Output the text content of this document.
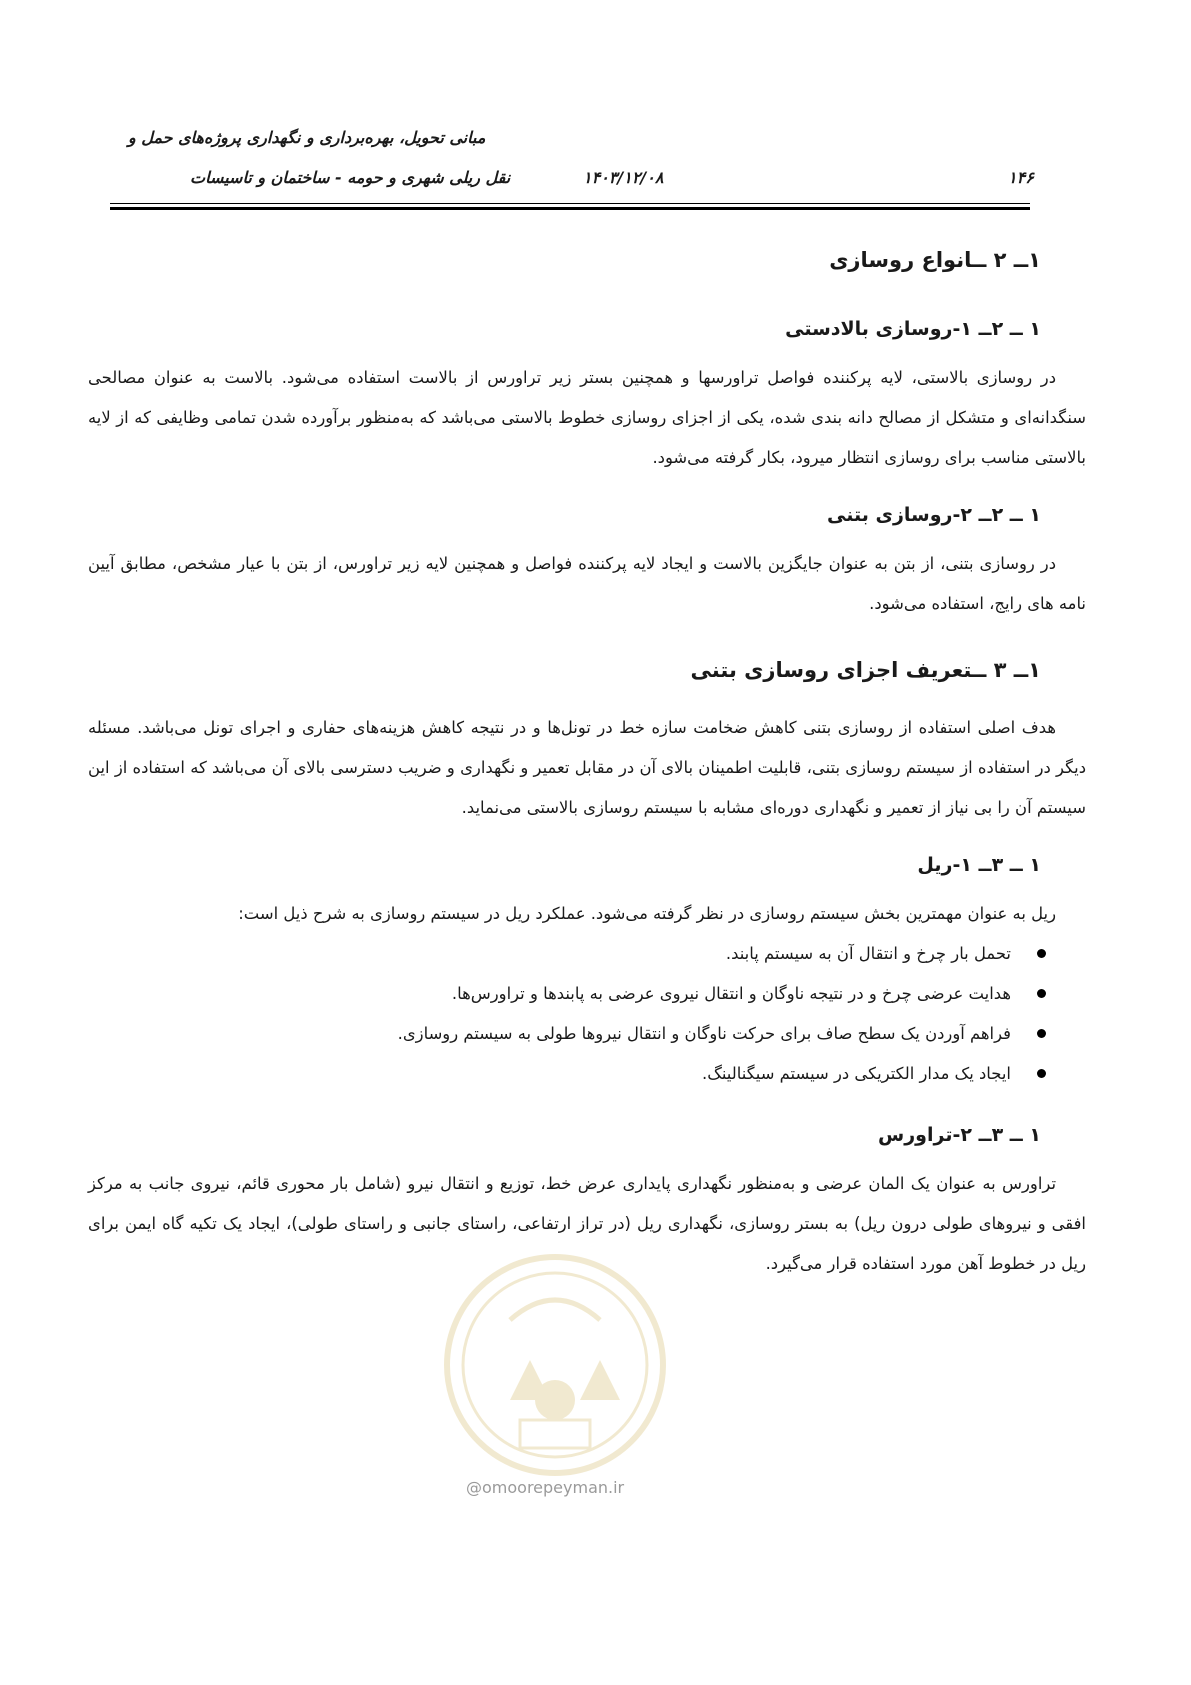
مبانی تحویل، بهره‌برداری و نگهداری پروژه‌های حمل و
نقل ریلی شهری و حومه - ساختمان و تاسیسات	۱۴۰۳/۱۲/۰۸	۱۴۶
۱ــ ۲ ــانواع روسازی
۱ ــ ۲ــ ۱-روسازی بالادستی

در روسازی بالاستی، لایه پرکننده فواصل تراورسها و همچنین بستر زیر تراورس از بالاست استفاده می‌شود. بالاست به عنوان مصالحی سنگدانه‌ای و متشکل از مصالح دانه بندی شده، یکی از اجزای روسازی خطوط بالاستی می‌باشد که به‌منظور برآورده شدن تمامی وظایفی که از لایه بالاستی مناسب برای روسازی انتظار میرود، بکار گرفته می‌شود.

۱ ــ ۲ــ ۲-روسازی بتنی

در روسازی بتنی، از بتن به عنوان جایگزین بالاست و ایجاد لایه پرکننده فواصل و همچنین لایه زیر تراورس، از بتن با عیار مشخص، مطابق آیین نامه های رایج، استفاده می‌شود.

۱ــ ۳ ــتعریف اجزای روسازی بتنی

هدف اصلی استفاده از روسازی بتنی کاهش ضخامت سازه خط در تونل‌ها و در نتیجه کاهش هزینه‌های حفاری و اجرای تونل می‌باشد. مسئله دیگر در استفاده از سیستم روسازی بتنی، قابلیت اطمینان بالای آن در مقابل تعمیر و نگهداری و ضریب دسترسی بالای آن می‌باشد که استفاده از این سیستم آن را بی نیاز از تعمیر و نگهداری دوره‌ای مشابه با سیستم روسازی بالاستی می‌نماید.

۱ ــ ۳ــ ۱-ریل

ریل به عنوان مهمترین بخش سیستم روسازی در نظر گرفته می‌شود. عملکرد ریل در سیستم روسازی به شرح ذیل است:

تحمل بار چرخ و انتقال آن به سیستم پابند.
هدایت عرضی چرخ و در نتیجه ناوگان و انتقال نیروی عرضی به پابندها و تراورس‌ها.
فراهم آوردن یک سطح صاف برای حرکت ناوگان و انتقال نیروها طولی به سیستم روسازی.
ایجاد یک مدار الکتریکی در سیستم سیگنالینگ.
۱ ــ ۳ــ ۲-تراورس

تراورس به عنوان یک المان عرضی و به‌منظور نگهداری پایداری عرض خط، توزیع و انتقال نیرو (شامل بار محوری قائم، نیروی جانب به مرکز افقی و نیروهای طولی درون ریل) به بستر روسازی، نگهداری ریل (در تراز ارتفاعی، راستای جانبی و راستای طولی)، ایجاد یک تکیه گاه ایمن برای ریل در خطوط آهن مورد استفاده قرار می‌گیرد.

@omoorepeyman.ir
